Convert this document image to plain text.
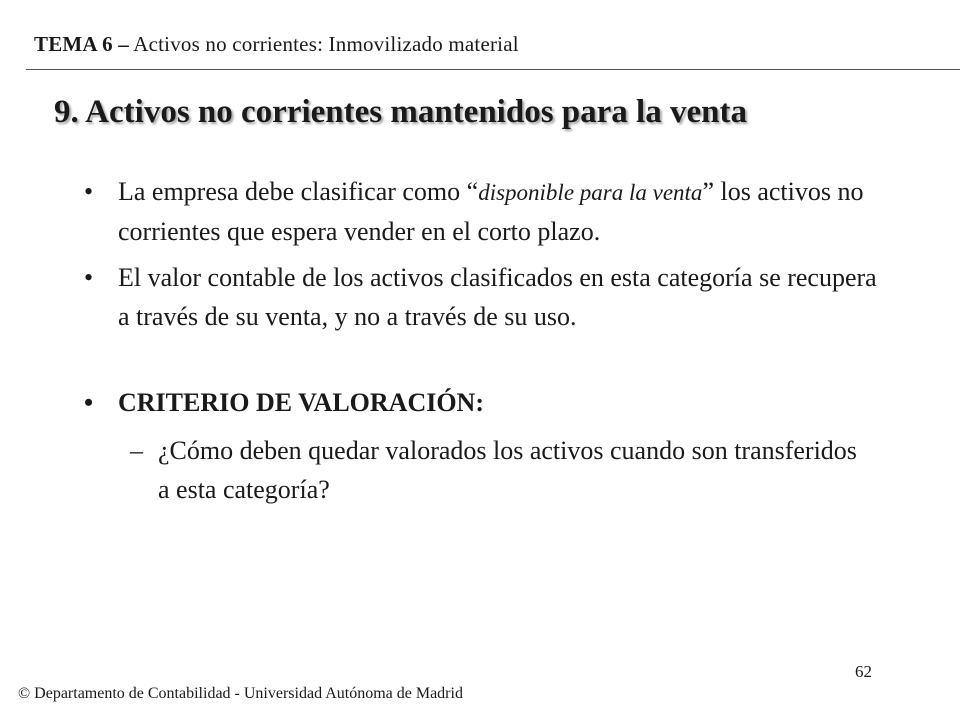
TEMA 6 – Activos no corrientes: Inmovilizado material
9. Activos no corrientes mantenidos para la venta
• La empresa debe clasificar como “disponible para la venta” los activos no corrientes que espera vender en el corto plazo.
• El valor contable de los activos clasificados en esta categoría se recupera a través de su venta, y no a través de su uso.
• CRITERIO DE VALORACIÓN:
– ¿Cómo deben quedar valorados los activos cuando son transferidos a esta categoría?
62
© Departamento de Contabilidad - Universidad Autónoma de Madrid
